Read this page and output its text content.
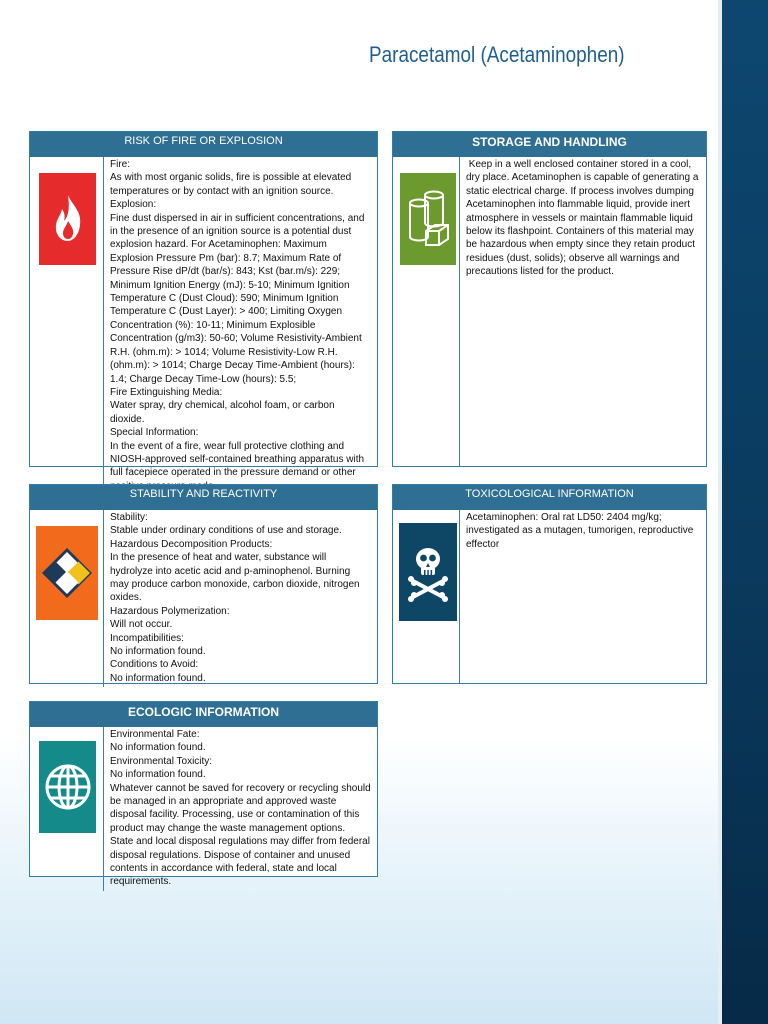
Paracetamol (Acetaminophen)
RISK OF FIRE OR EXPLOSION

Fire:

As with most organic solids, fire is possible at elevated temperatures or by contact with an ignition source.

Explosion:

Fine dust dispersed in air in sufficient concentrations, and in the presence of an ignition source is a potential dust explosion hazard. For Acetaminophen: Maximum Explosion Pressure Pm (bar): 8.7; Maximum Rate of Pressure Rise dP/dt (bar/s): 843; Kst (bar.m/s): 229; Minimum Ignition Energy (mJ): 5-10; Minimum Ignition Temperature C (Dust Cloud): 590; Minimum Ignition Temperature C (Dust Layer): > 400; Limiting Oxygen Concentration (%): 10-11; Minimum Explosible Concentration (g/m3): 50-60; Volume Resistivity-Ambient R.H. (ohm.m): > 1014; Volume Resistivity-Low R.H. (ohm.m): > 1014; Charge Decay Time-Ambient (hours): 1.4; Charge Decay Time-Low (hours): 5.5;

Fire Extinguishing Media:

Water spray, dry chemical, alcohol foam, or carbon dioxide.

Special Information:

In the event of a fire, wear full protective clothing and NIOSH-approved self-contained breathing apparatus with full facepiece operated in the pressure demand or other

STORAGE AND HANDLING

Keep in a well enclosed container stored in a cool, dry place. Acetaminophen is capable of generating a static electrical charge. If process involves dumping Acetaminophen into flammable liquid, provide inert atmosphere in vessels or maintain flammable liquid below its flashpoint. Containers of this material may be hazardous when empty since they retain product residues (dust, solids); observe all warnings and precautions listed for the product.

STABILITY AND REACTIVITY

Stability:

Stable under ordinary conditions of use and storage.

Hazardous Decomposition Products:

In the presence of heat and water, substance will hydrolyze into acetic acid and p-aminophenol. Burning may produce carbon monoxide, carbon dioxide, nitrogen oxides.

Hazardous Polymerization:

Will not occur.

Incompatibilities:

No information found.

Conditions to Avoid:

No information found.

TOXICOLOGICAL INFORMATION

Acetaminophen: Oral rat LD50: 2404 mg/kg; investigated as a mutagen, tumorigen, reproductive effector

ECOLOGIC INFORMATION

Environmental Fate:

No information found.

Environmental Toxicity:

No information found.

Whatever cannot be saved for recovery or recycling should be managed in an appropriate and approved waste disposal facility. Processing, use or contamination of this product may change the waste management options. State and local disposal regulations may differ from federal disposal regulations. Dispose of container and unused contents in accordance with federal, state and local requirements.
